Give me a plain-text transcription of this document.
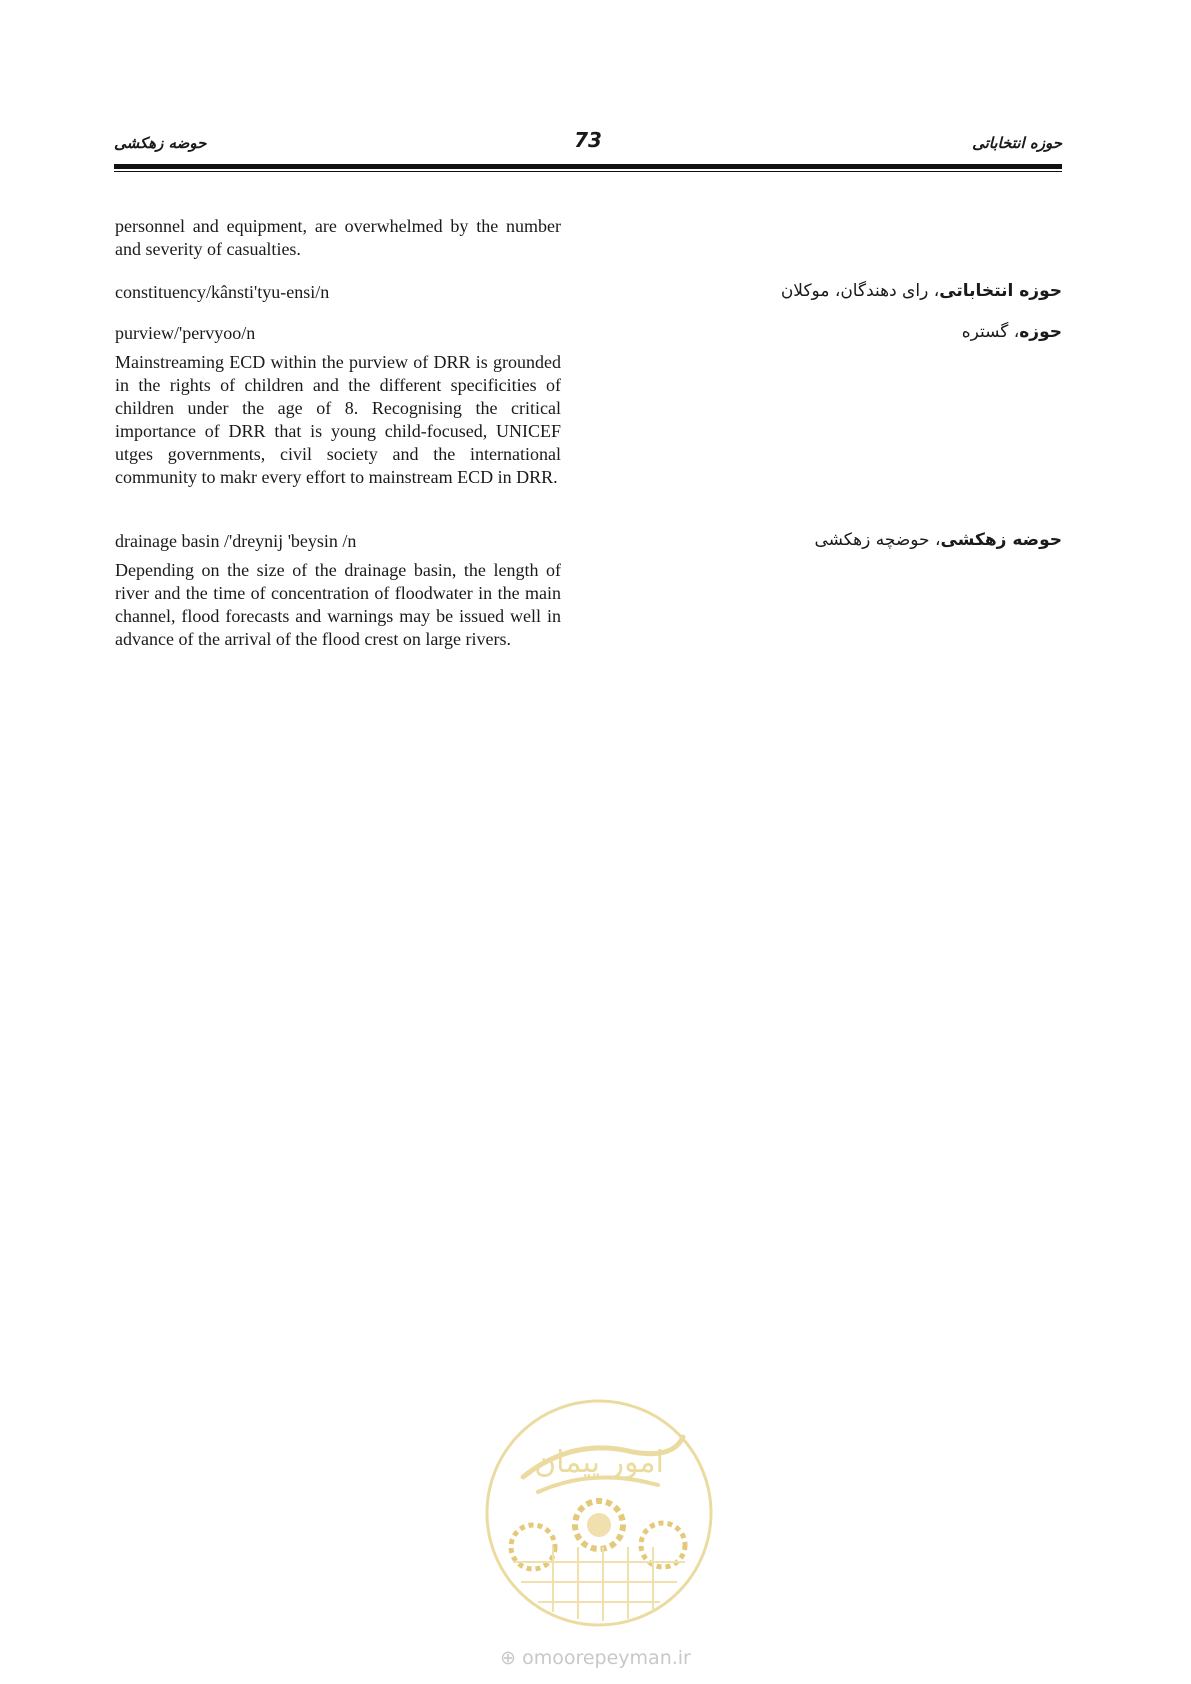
حوضه زهکشی	73	حوزه انتخاباتی

personnel and equipment, are overwhelmed by the number and severity of casualties.

constituency/kânsti'tyu-ensi/n	حوزه انتخاباتی، رای دهندگان، موکلان

purview/'pervyoo/n

Mainstreaming ECD within the purview of DRR is grounded in the rights of children and the different specificities of children under the age of 8. Recognising the critical importance of DRR that is young child-focused, UNICEF utges governments, civil society and the international community to makr every effort to mainstream ECD in DRR.

حوزه، گستره

drainage basin /'dreynij 'beysin /n

Depending on the size of the drainage basin, the length of river and the time of concentration of floodwater in the main channel, flood forecasts and warnings may be issued well in advance of the arrival of the flood crest on large rivers.

حوضه زهکشی، حوضچه زهکشی
امور پیمان
⊕ omoorepeyman.ir
